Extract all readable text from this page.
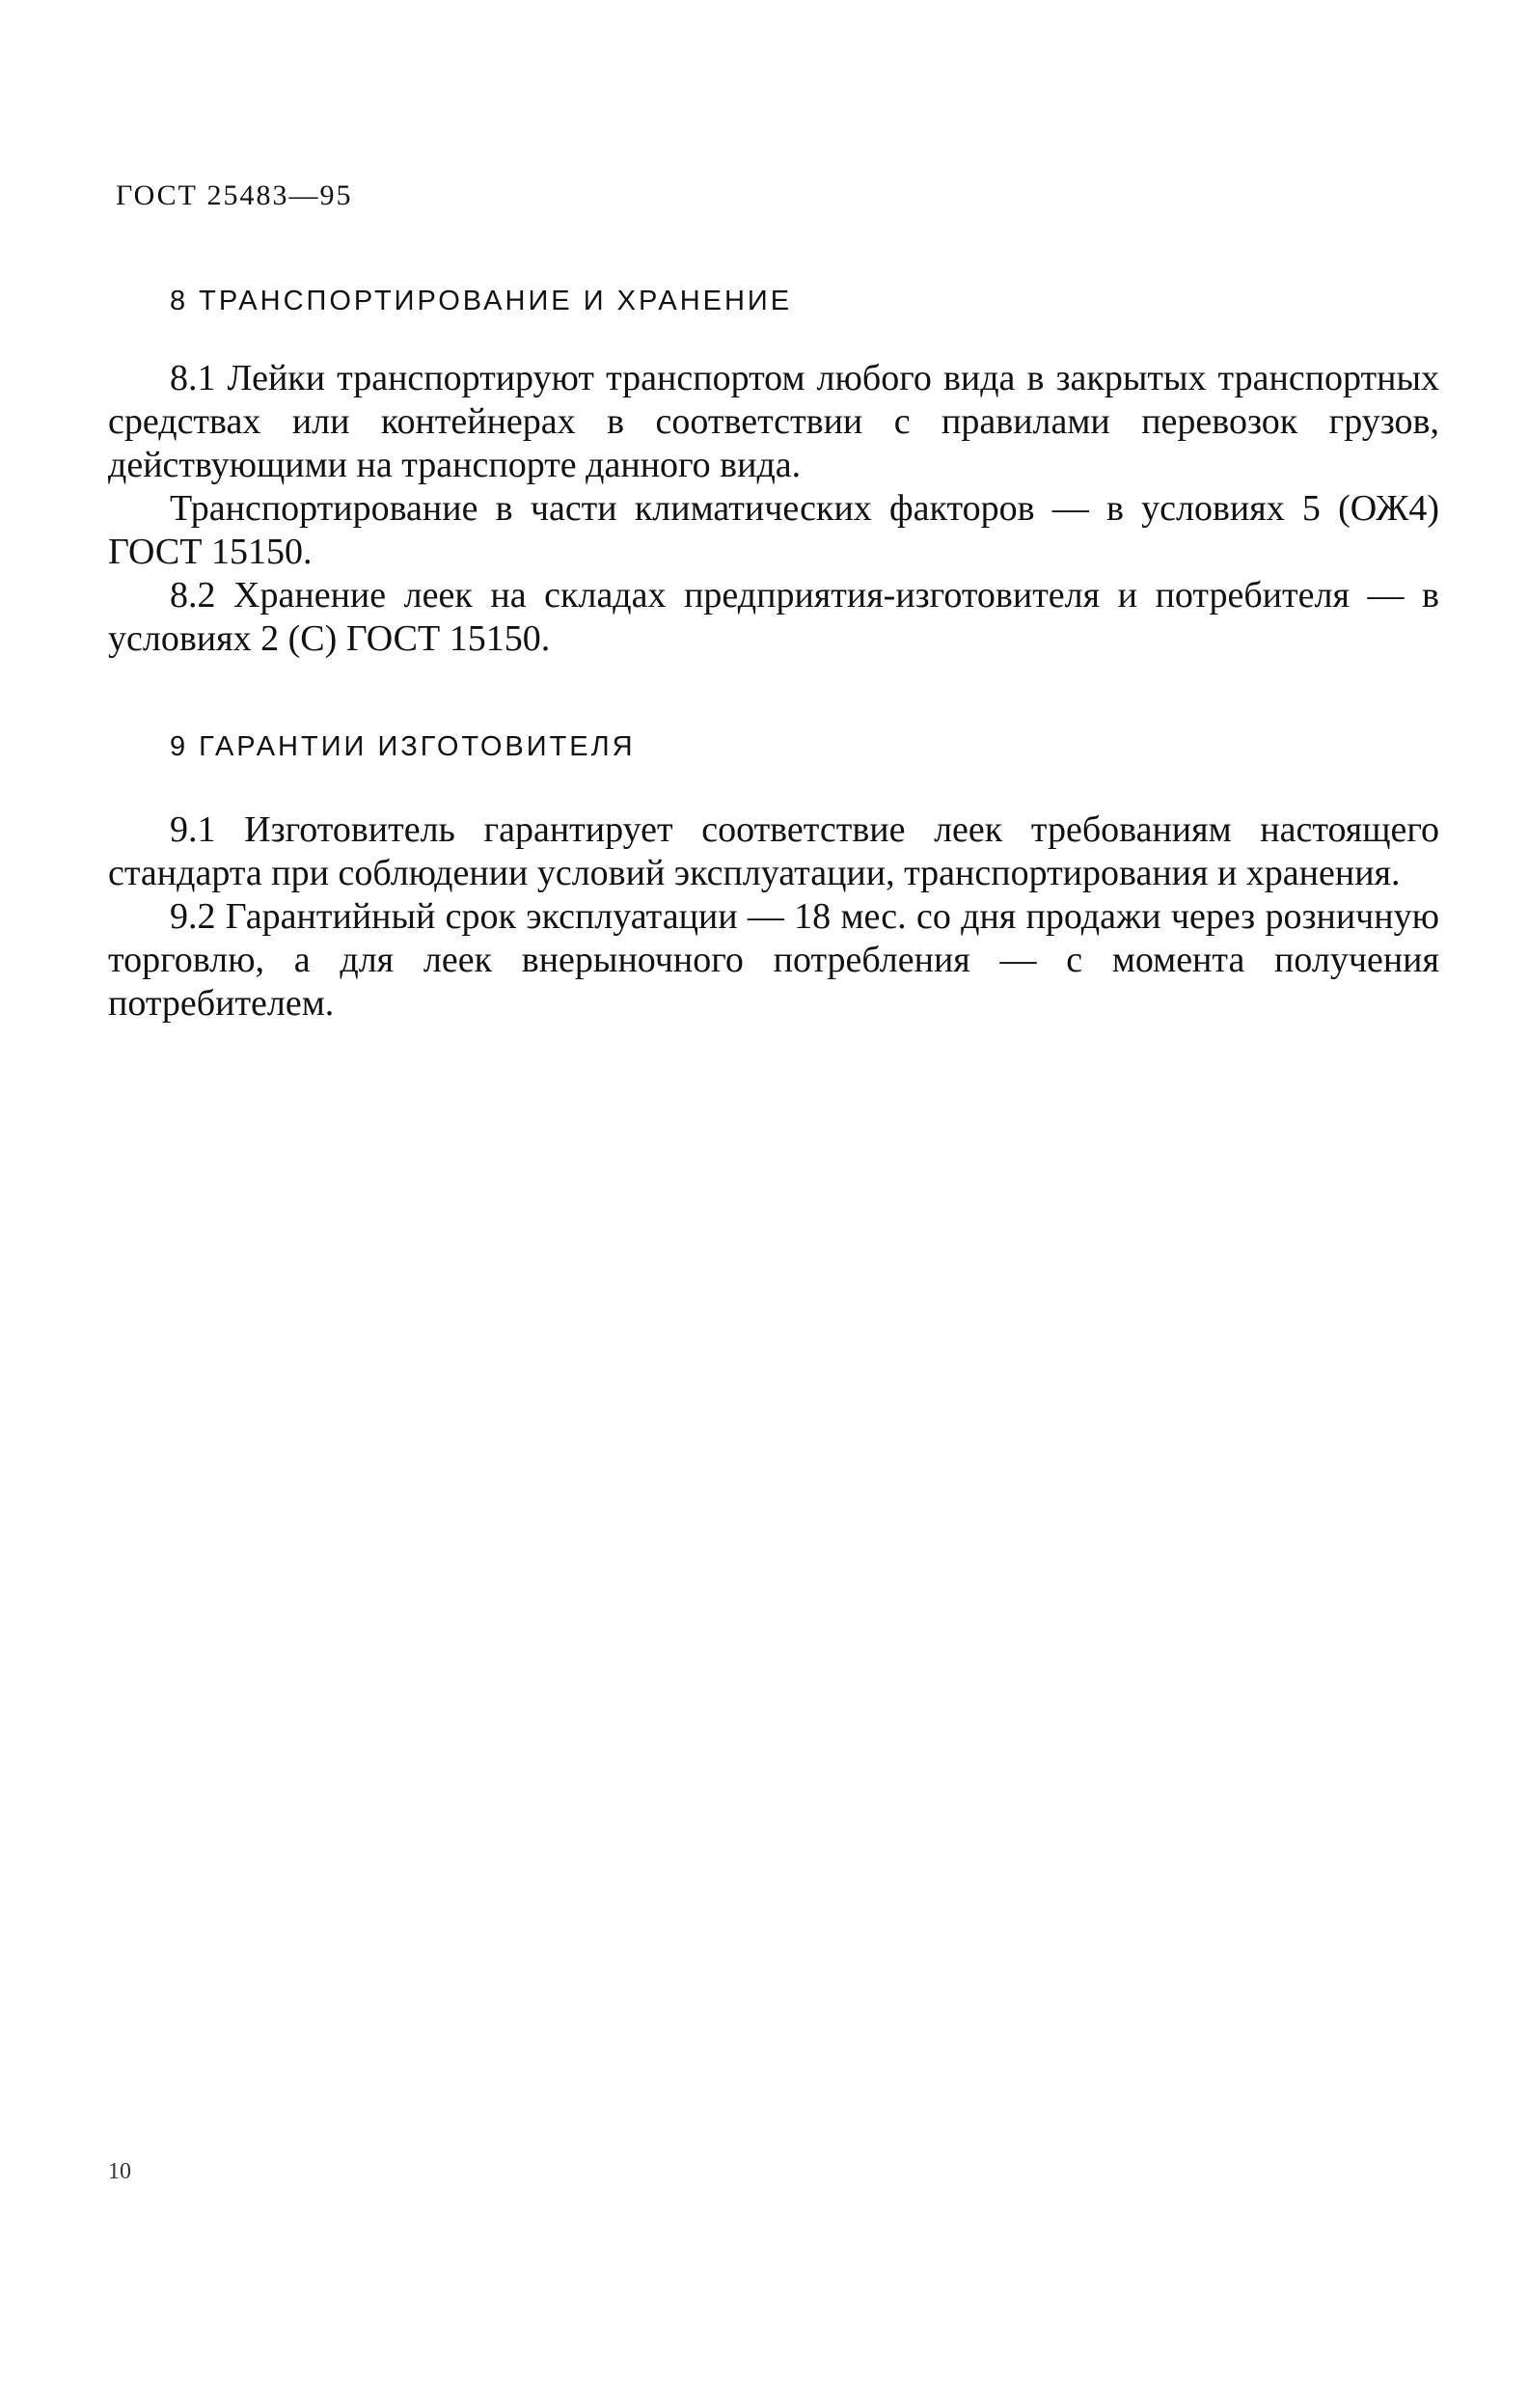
ГОСТ 25483—95
8 ТРАНСПОРТИРОВАНИЕ И ХРАНЕНИЕ

8.1 Лейки транспортируют транспортом любого вида в закрытых транспортных средствах или контейнерах в соответствии с правилами перевозок грузов, действующими на транспорте данного вида.

Транспортирование в части климатических факторов — в условиях 5 (ОЖ4) ГОСТ 15150.

8.2 Хранение леек на складах предприятия-изготовителя и потребителя — в условиях 2 (С) ГОСТ 15150.

9 ГАРАНТИИ ИЗГОТОВИТЕЛЯ

9.1 Изготовитель гарантирует соответствие леек требованиям настоящего стандарта при соблюдении условий эксплуатации, транспортирования и хранения.

9.2 Гарантийный срок эксплуатации — 18 мес. со дня продажи через розничную торговлю, а для леек внерыночного потребления — с момента получения потребителем.

10
